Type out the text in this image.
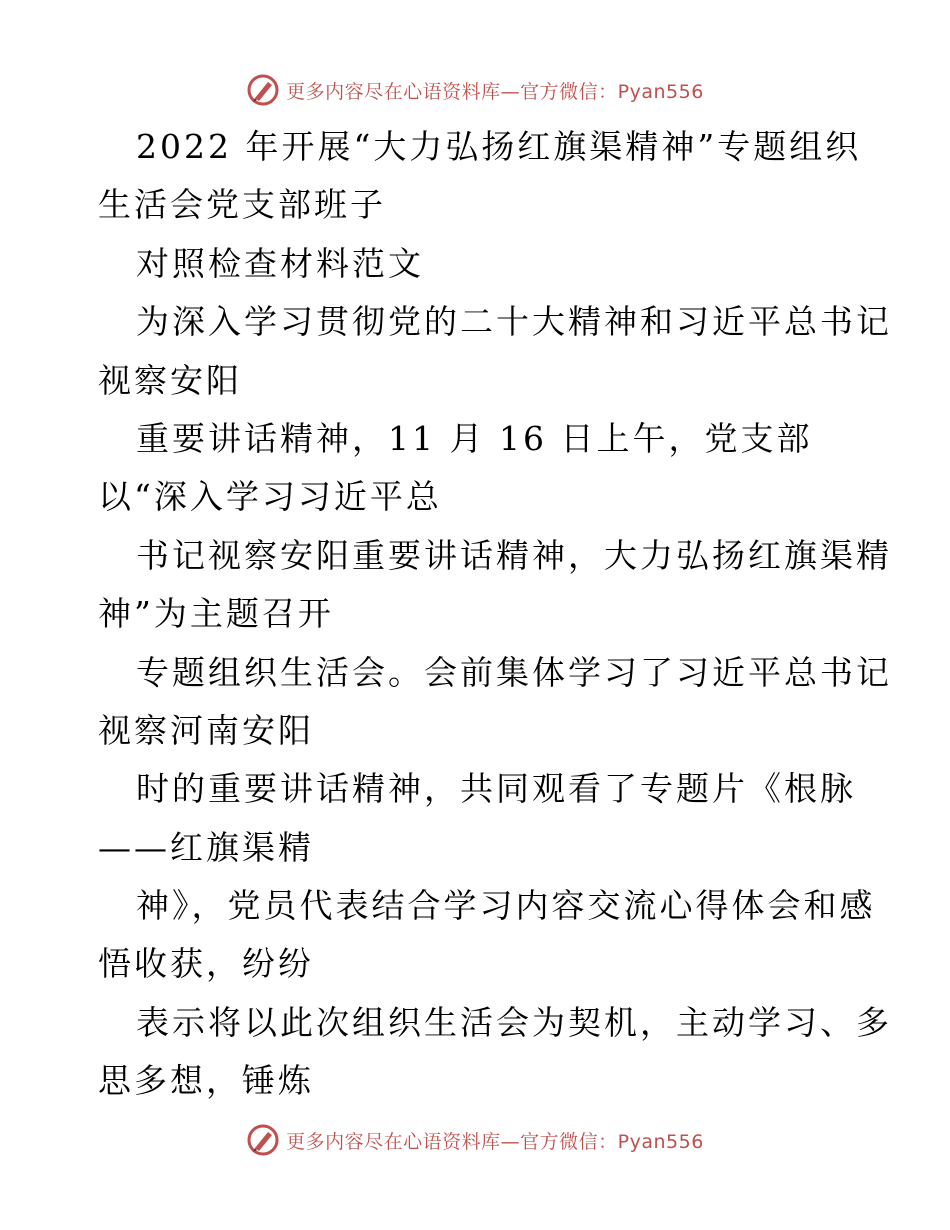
更多内容尽在心语资料库—官方微信：Pyan556
2022 年开展“大力弘扬红旗渠精神”专题组织
生活会党支部班子
对照检查材料范文
为深入学习贯彻党的二十大精神和习近平总书记
视察安阳
重要讲话精神，11 月 16 日上午，党支部
以“深入学习习近平总
书记视察安阳重要讲话精神，大力弘扬红旗渠精
神”为主题召开
专题组织生活会。会前集体学习了习近平总书记
视察河南安阳
时的重要讲话精神，共同观看了专题片《根脉
——红旗渠精
神》，党员代表结合学习内容交流心得体会和感
悟收获，纷纷
表示将以此次组织生活会为契机，主动学习、多
思多想，锤炼
更多内容尽在心语资料库—官方微信：Pyan556
